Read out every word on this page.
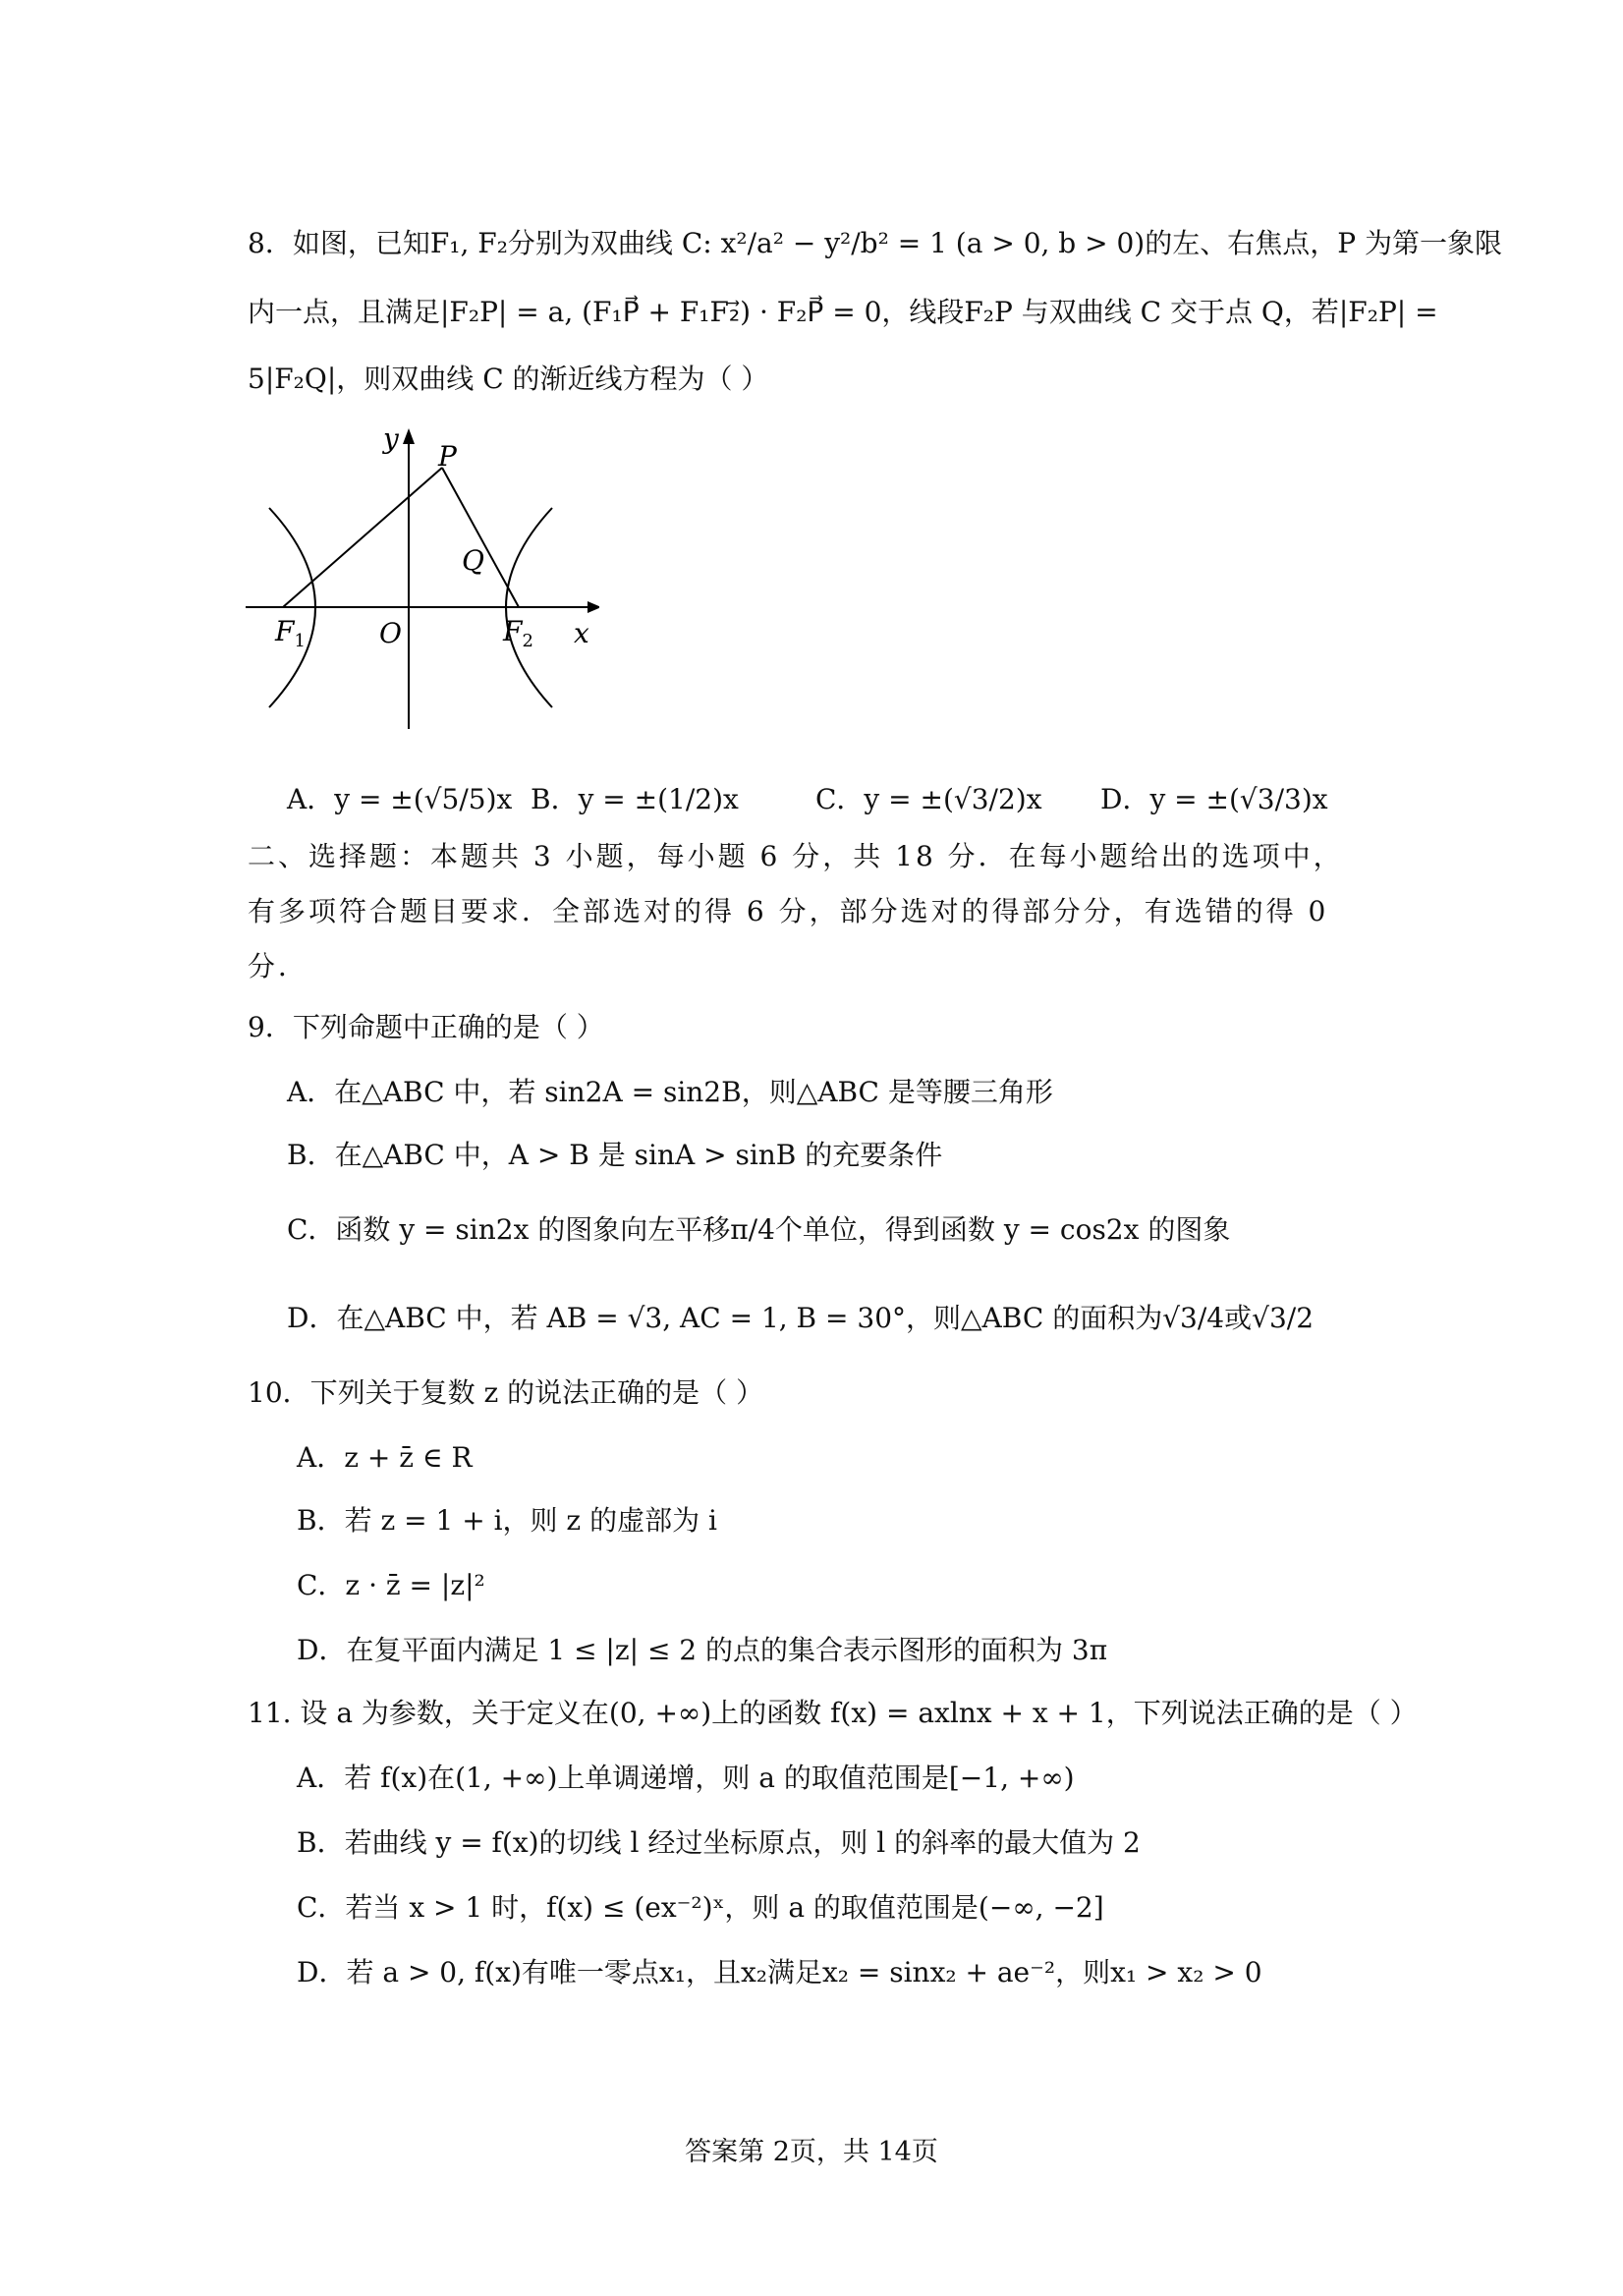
8．如图，已知F₁, F₂分别为双曲线 C: x²/a² − y²/b² = 1 (a > 0, b > 0)的左、右焦点，P 为第一象限
内一点，且满足|F₂P| = a, (F₁P⃗ + F₁F₂⃗) · F₂P⃗ = 0，线段F₂P 与双曲线 C 交于点 Q，若|F₂P| =
5|F₂Q|，则双曲线 C 的渐近线方程为（ ）
y
P
Q
O
$F_1$	$F_2$ x
A．y = ±(√5/5)x B．y = ±(1/2)x	C．y = ±(√3/2)x D．y = ±(√3/3)x
二、选择题：本题共 3 小题，每小题 6 分，共 18 分．在每小题给出的选项中，
有多项符合题目要求．全部选对的得 6 分，部分选对的得部分分，有选错的得 0
分．
9．下列命题中正确的是（ ）
A．在△ABC 中，若 sin2A = sin2B，则△ABC 是等腰三角形
B．在△ABC 中，A > B 是 sinA > sinB 的充要条件
C．函数 y = sin2x 的图象向左平移π/4个单位，得到函数 y = cos2x 的图象
D．在△ABC 中，若 AB = √3, AC = 1, B = 30°，则△ABC 的面积为√3/4或√3/2
10．下列关于复数 z 的说法正确的是（ ）
A．z + z̄ ∈ R
B．若 z = 1 + i，则 z 的虚部为 i
C．z · z̄ = |z|²
D．在复平面内满足 1 ≤ |z| ≤ 2 的点的集合表示图形的面积为 3π
11. 设 a 为参数，关于定义在(0, +∞)上的函数 f(x) = axlnx + x + 1，下列说法正确的是（ ）
A．若 f(x)在(1, +∞)上单调递增，则 a 的取值范围是[−1, +∞)
B．若曲线 y = f(x)的切线 l 经过坐标原点，则 l 的斜率的最大值为 2
C．若当 x > 1 时，f(x) ≤ (ex⁻²)ˣ，则 a 的取值范围是(−∞, −2]
D．若 a > 0, f(x)有唯一零点x₁，且x₂满足x₂ = sinx₂ + ae⁻²，则x₁ > x₂ > 0
答案第 2页，共 14页
